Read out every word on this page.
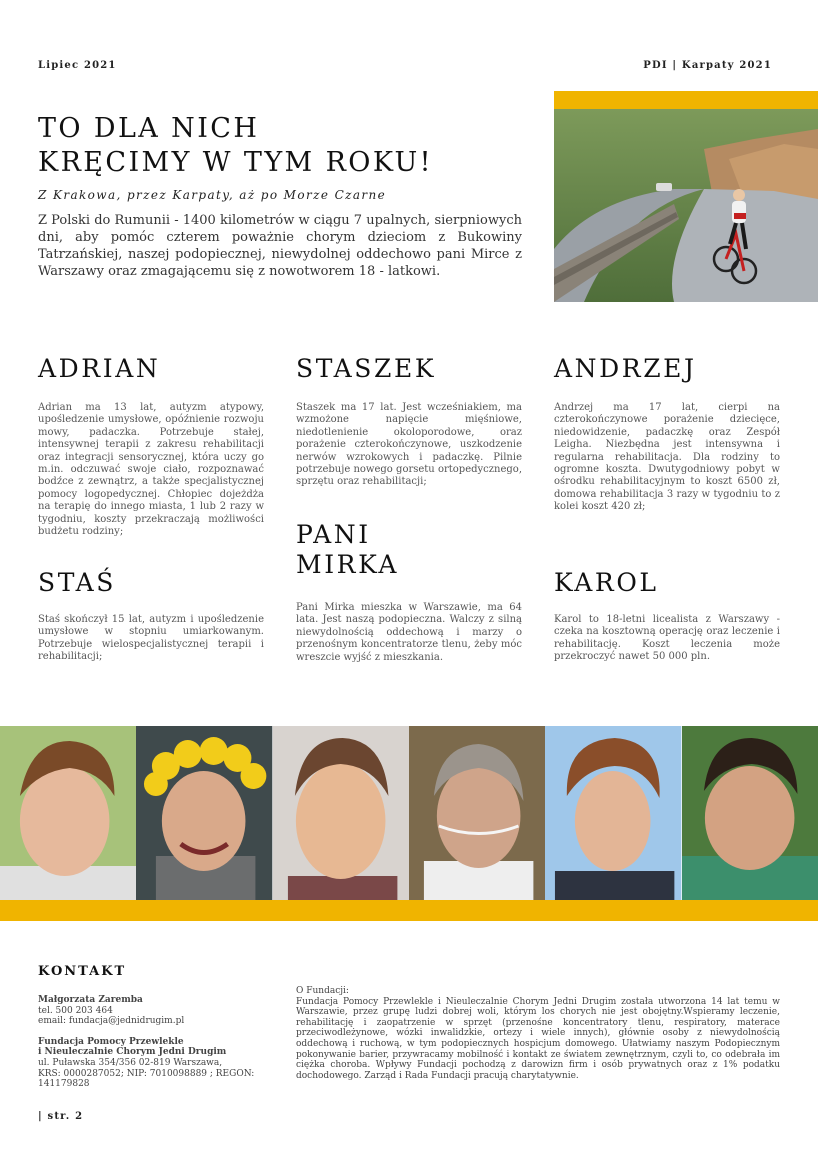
Lipiec 2021	PDI | Karpaty 2021
TO DLA NICH
KRĘCIMY W TYM ROKU!
Z Krakowa, przez Karpaty, aż po Morze Czarne
Z Polski do Rumunii - 1400 kilometrów w ciągu 7 upalnych, sierpniowych dni, aby pomóc czterem poważnie chorym dzieciom z Bukowiny Tatrzańskiej, naszej podopiecznej, niewydolnej oddechowo pani Mirce z Warszawy oraz zmagającemu się z nowotworem 18 - latkowi.
ADRIAN
Adrian ma 13 lat, autyzm atypowy, upośledzenie umysłowe, opóźnienie rozwoju mowy, padaczka. Potrzebuje stałej, intensywnej terapii z zakresu rehabilitacji oraz integracji sensorycznej, która uczy go m.in. odczuwać swoje ciało, rozpoznawać bodźce z zewnątrz, a także specjalistycznej pomocy logopedycznej. Chłopiec dojeżdża na terapię do innego miasta, 1 lub 2 razy w tygodniu, koszty przekraczają możliwości budżetu rodziny;
STAŚ
Staś skończył 15 lat, autyzm i upośledzenie umysłowe w stopniu umiarkowanym. Potrzebuje wielospecjalistycznej terapii i rehabilitacji;
STASZEK
Staszek ma 17 lat. Jest wcześniakiem, ma wzmożone napięcie mięśniowe, niedotlenienie okoloporodowe, oraz porażenie czterokończynowe, uszkodzenie nerwów wzrokowych i padaczkę. Pilnie potrzebuje nowego gorsetu ortopedycznego, sprzętu oraz rehabilitacji;
PANI
MIRKA
Pani Mirka mieszka w Warszawie, ma 64 lata. Jest naszą podopieczna. Walczy z silną niewydolnością oddechową i marzy o przenośnym koncentratorze tlenu, żeby móc wreszcie wyjść z mieszkania.
ANDRZEJ
Andrzej ma 17 lat, cierpi na czterokończynowe porażenie dziecięce, niedowidzenie, padaczkę oraz Zespół Leigha. Niezbędna jest intensywna i regularna rehabilitacja. Dla rodziny to ogromne koszta. Dwutygodniowy pobyt w ośrodku rehabilitacyjnym to koszt 6500 zł, domowa rehabilitacja 3 razy w tygodniu to z kolei koszt 420 zł;
KAROL
Karol to 18-letni licealista z Warszawy - czeka na kosztowną operację oraz leczenie i rehabilitację. Koszt leczenia może przekroczyć nawet 50 000 pln.
KONTAKT
Małgorzata Zaremba
tel. 500 203 464
email: fundacja@jednidrugim.pl
Fundacja Pomocy Przewlekle
i Nieuleczalnie Chorym Jedni Drugim
ul. Puławska 354/356 02-819 Warszawa,
KRS: 0000287052; NIP: 7010098889 ; REGON: 141179828
O Fundacji:
Fundacja Pomocy Przewlekle i Nieuleczalnie Chorym Jedni Drugim została utworzona 14 lat temu w Warszawie, przez grupę ludzi dobrej woli, którym los chorych nie jest obojętny.Wspieramy leczenie, rehabilitację i zaopatrzenie w sprzęt (przenośne koncentratory tlenu, respiratory, materace przeciwodleżynowe, wózki inwalidzkie, ortezy i wiele innych), głównie osoby z niewydolnością oddechową i ruchową, w tym podopiecznych hospicjum domowego. Ułatwiamy naszym Podopiecznym pokonywanie barier, przywracamy mobilność i kontakt ze światem zewnętrznym, czyli to, co odebrała im ciężka choroba. Wpływy Fundacji pochodzą z darowizn firm i osób prywatnych oraz z 1% podatku dochodowego. Zarząd i Rada Fundacji pracują charytatywnie.
| str. 2
